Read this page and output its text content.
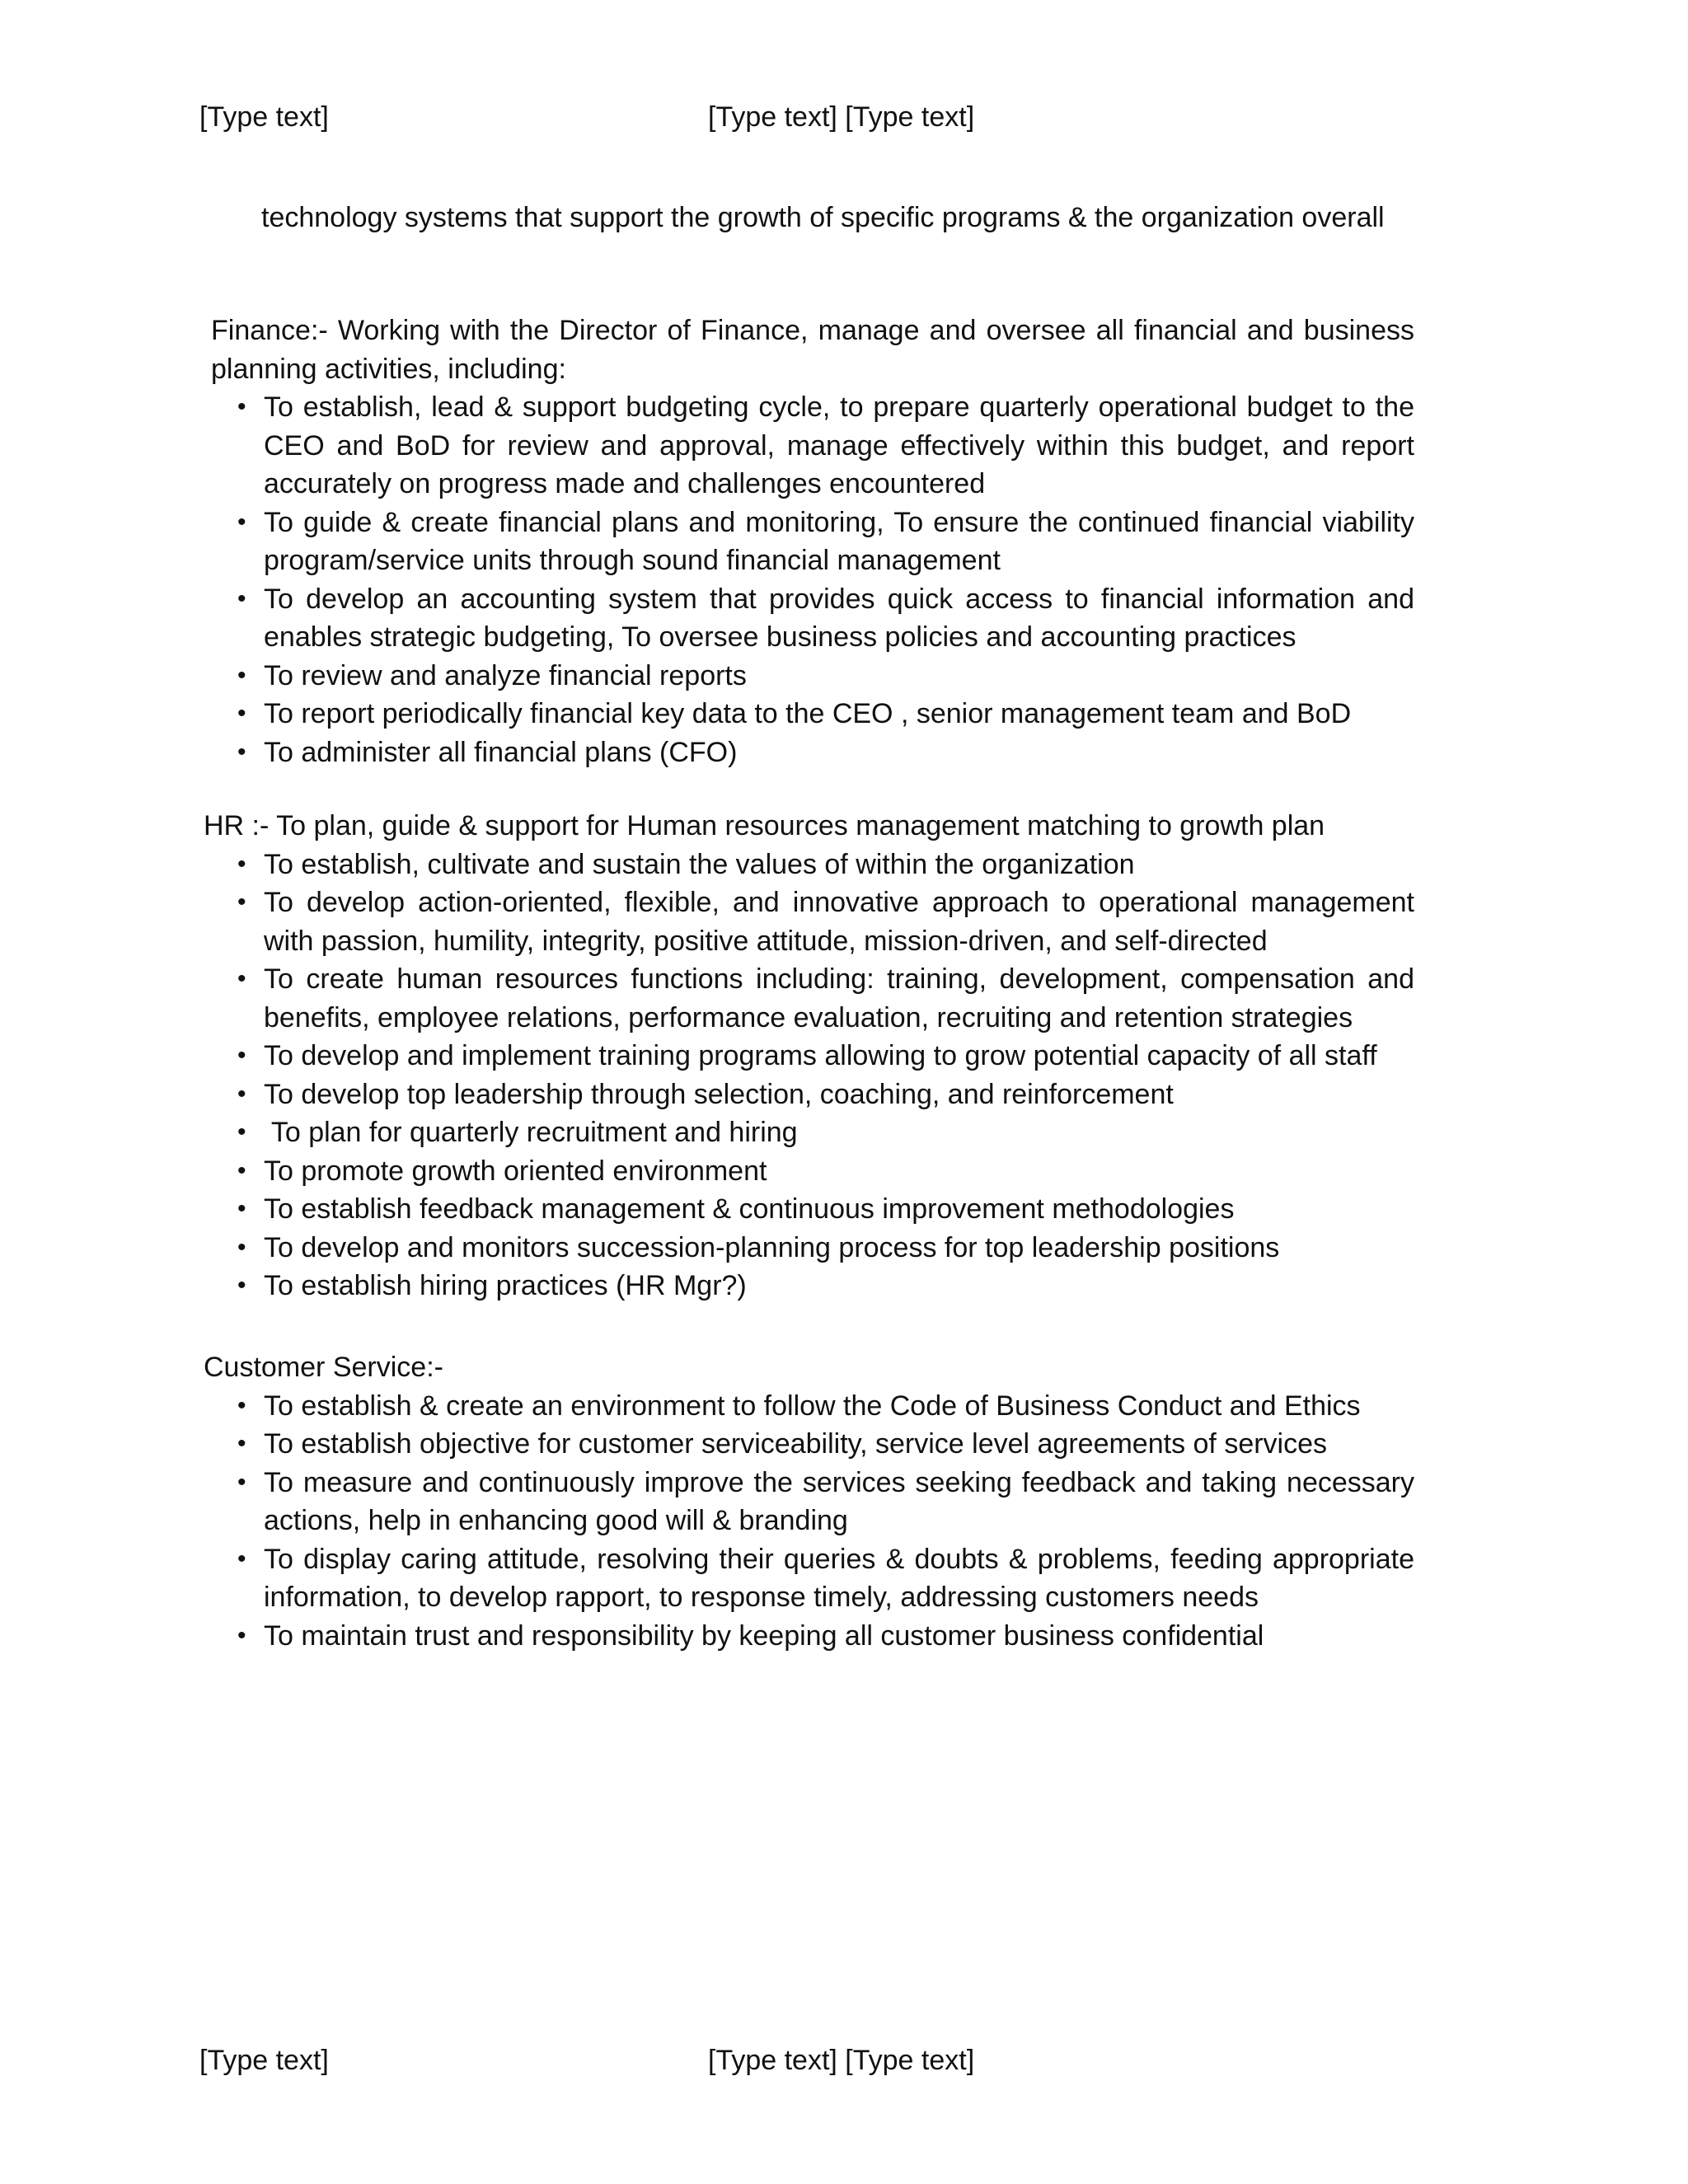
[Type text]	[Type text] [Type text]
technology systems that support the growth of specific programs & the organization overall
Finance:- Working with the Director of Finance, manage and oversee all financial and business planning activities, including:
• To establish, lead & support budgeting cycle, to prepare quarterly operational budget to the CEO and BoD for review and approval, manage effectively within this budget, and report accurately on progress made and challenges encountered
• To guide & create financial plans and monitoring, To ensure the continued financial viability program/service units through sound financial management
• To develop an accounting system that provides quick access to financial information and enables strategic budgeting, To oversee business policies and accounting practices
• To review and analyze financial reports
• To report periodically financial key data to the CEO , senior management team and BoD
• To administer all financial plans (CFO)
HR :- To plan, guide & support for Human resources management matching to growth plan
• To establish, cultivate and sustain the values of within the organization
• To develop action-oriented, flexible, and innovative approach to operational management with passion, humility, integrity, positive attitude, mission-driven, and self-directed
• To create human resources functions including: training, development, compensation and benefits, employee relations, performance evaluation, recruiting and retention strategies
• To develop and implement training programs allowing to grow potential capacity of all staff
• To develop top leadership through selection, coaching, and reinforcement
• To plan for quarterly recruitment and hiring
• To promote growth oriented environment
• To establish feedback management & continuous improvement methodologies
• To develop and monitors succession-planning process for top leadership positions
• To establish hiring practices (HR Mgr?)
Customer Service:-
• To establish & create an environment to follow the Code of Business Conduct and Ethics
• To establish objective for customer serviceability, service level agreements of services
• To measure and continuously improve the services seeking feedback and taking necessary actions, help in enhancing good will & branding
• To display caring attitude, resolving their queries & doubts & problems, feeding appropriate information, to develop rapport, to response timely, addressing customers needs
• To maintain trust and responsibility by keeping all customer business confidential
[Type text]	[Type text] [Type text]
